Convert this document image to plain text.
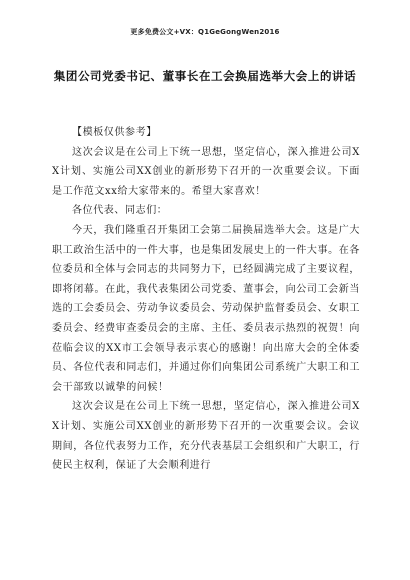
更多免费公文+VX：Q1GeGongWen2016
集团公司党委书记、董事长在工会换届选举大会上的讲话

【模板仅供参考】

这次会议是在公司上下统一思想，坚定信心，深入推进公司XX计划、实施公司XX创业的新形势下召开的一次重要会议。下面是工作范文xx给大家带来的。希望大家喜欢！

各位代表、同志们：

今天，我们隆重召开集团工会第二届换届选举大会。这是广大职工政治生活中的一件大事，也是集团发展史上的一件大事。在各位委员和全体与会同志的共同努力下，已经圆满完成了主要议程，即将闭幕。在此，我代表集团公司党委、董事会，向公司工会新当选的工会委员会、劳动争议委员会、劳动保护监督委员会、女职工委员会、经费审查委员会的主席、主任、委员表示热烈的祝贺！向莅临会议的XX市工会领导表示衷心的感谢！向出席大会的全体委员、各位代表和同志们，并通过你们向集团公司系统广大职工和工会干部致以诚挚的问候！

这次会议是在公司上下统一思想，坚定信心，深入推进公司XX计划、实施公司XX创业的新形势下召开的一次重要会议。会议期间，各位代表努力工作，充分代表基层工会组织和广大职工，行使民主权利，保证了大会顺利进行
